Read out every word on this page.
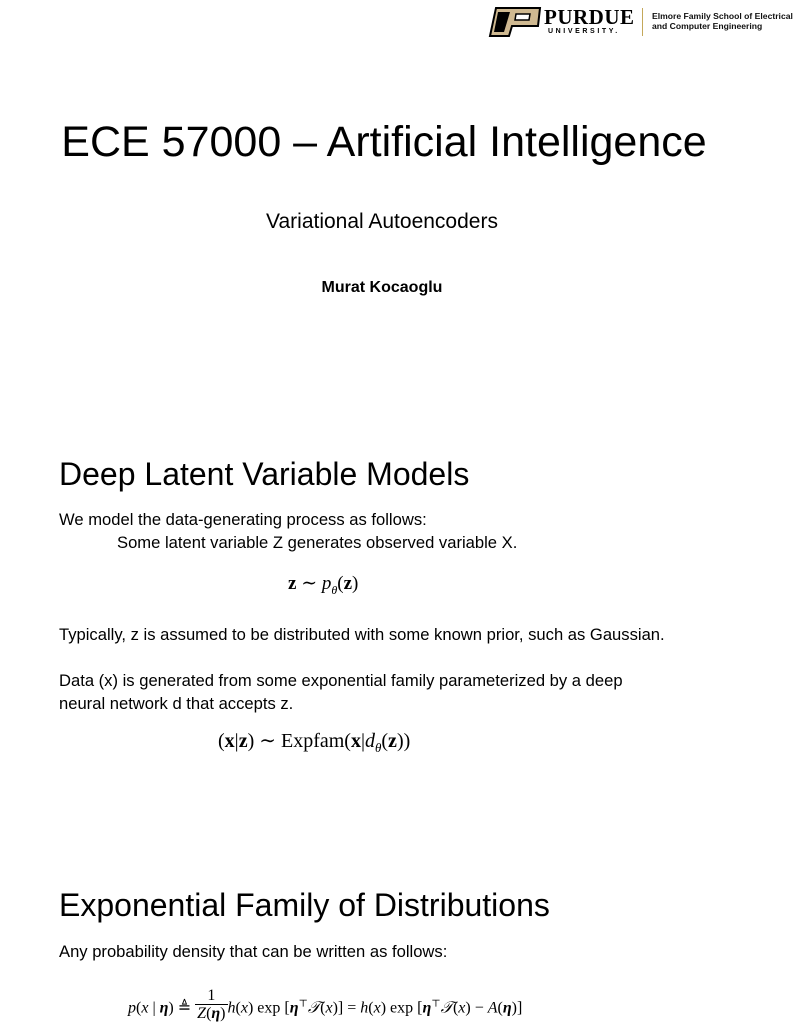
PURDUE
UNIVERSITY.
Elmore Family School of Electrical
and Computer Engineering
ECE 57000 – Artificial Intelligence
Variational Autoencoders
Murat Kocaoglu
Deep Latent Variable Models
We model the data-generating process as follows:
Some latent variable Z generates observed variable X.
z ∼ $p_\theta(z)$
Typically, z is assumed to be distributed with some known prior, such as Gaussian.
Data (x) is generated from some exponential family parameterized by a deep
neural network d that accepts z.
(x|z) ∼ $Expfam(x|d_\theta(z))$
Exponential Family of Distributions
Any probability density that can be written as follows:
p(x | η) ≜ $\frac{1}{Z(\eta)} h(x)$ exp [η⊤𝒯(x)] = h(x) exp [η⊤𝒯(x) − A(η)]
